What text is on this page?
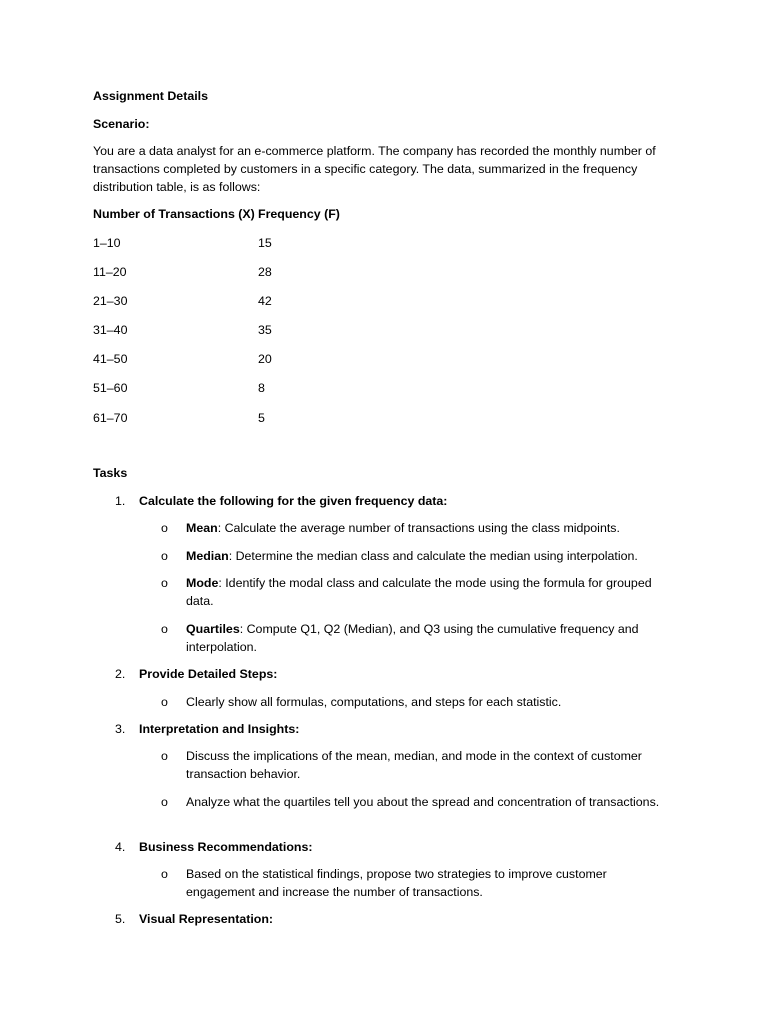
Assignment Details
Scenario:
You are a data analyst for an e-commerce platform. The company has recorded the monthly number of transactions completed by customers in a specific category. The data, summarized in the frequency distribution table, is as follows:
Number of Transactions (X) Frequency (F)
1–10	15
11–20	28
21–30	42
31–40	35
41–50	20
51–60	8
61–70	5
Tasks
1.	Calculate the following for the given frequency data:
o Mean: Calculate the average number of transactions using the class midpoints.
o Median: Determine the median class and calculate the median using interpolation.
o Mode: Identify the modal class and calculate the mode using the formula for grouped data.
o Quartiles: Compute Q1, Q2 (Median), and Q3 using the cumulative frequency and interpolation.
2.	Provide Detailed Steps:
o Clearly show all formulas, computations, and steps for each statistic.
3.	Interpretation and Insights:
o Discuss the implications of the mean, median, and mode in the context of customer transaction behavior.
o Analyze what the quartiles tell you about the spread and concentration of transactions.
4.	Business Recommendations:
o Based on the statistical findings, propose two strategies to improve customer engagement and increase the number of transactions.
5.	Visual Representation:
